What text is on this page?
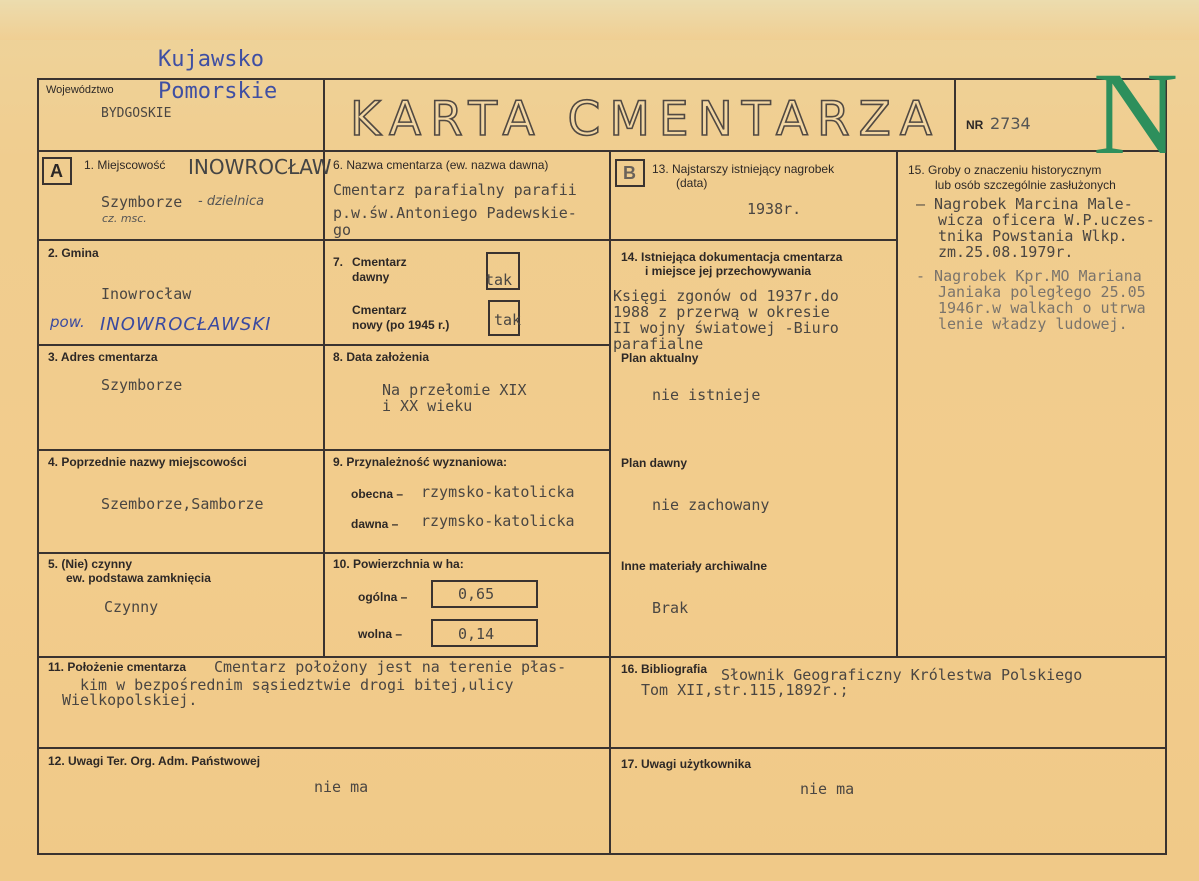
Kujawsko
Pomorskie
Województwo
BYDGOSKIE	KARTA CMENTARZA NR 2734 N
A 1. Miejscowość INOWROCŁAW
Szymborze - dzielnica
cz. msc.
2. Gmina
Inowrocław
pow. INOWROCŁAWSKI
3. Adres cmentarza
Szymborze
4. Poprzednie nazwy miejscowości
Szemborze,Samborze
5. (Nie) czynny
ew. podstawa zamknięcia
Czynny
6. Nazwa cmentarza (ew. nazwa dawna)
Cmentarz parafialny parafii
p.w.św.Antoniego Padewskie-
go
7. Cmentarz
dawny	tak
Cmentarz
nowy (po 1945 r.)	tak
8. Data założenia
Na przełomie XIX
i XX wieku
9. Przynależność wyznaniowa:
obecna – rzymsko-katolicka
dawna – rzymsko-katolicka
10. Powierzchnia w ha:
ogólna –	0,65
wolna –	0,14
B 13. Najstarszy istniejący nagrobek
(data)
1938r.
14. Istniejąca dokumentacja cmentarza
i miejsce jej przechowywania
Księgi zgonów od 1937r.do
1988 z przerwą w okresie
II wojny światowej -Biuro
parafialne
Plan aktualny
nie istnieje
Plan dawny
nie zachowany
Inne materiały archiwalne
Brak
15. Groby o znaczeniu historycznym
lub osób szczególnie zasłużonych
– Nagrobek Marcina Male-
wicza oficera W.P.uczes-
tnika Powstania Wlkp.
zm.25.08.1979r.
- Nagrobek Kpr.MO Mariana
Janiaka poległego 25.05
1946r.w walkach o utrwa
lenie władzy ludowej.
11. Położenie cmentarza Cmentarz położony jest na terenie płas-
kim w bezpośrednim sąsiedztwie drogi bitej,ulicy
Wielkopolskiej.
16. Bibliografia Słownik Geograficzny Królestwa Polskiego
Tom XII,str.115,1892r.;
12. Uwagi Ter. Org. Adm. Państwowej
nie ma
17. Uwagi użytkownika
nie ma
